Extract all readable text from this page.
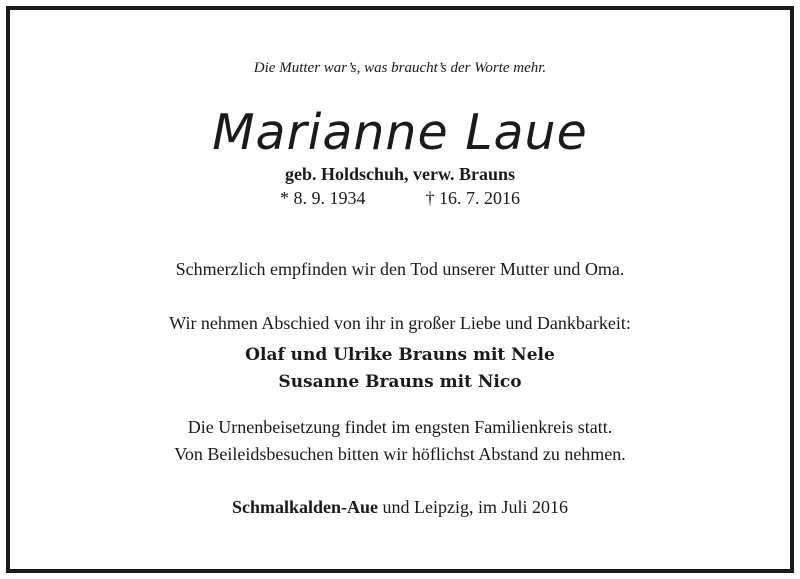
Die Mutter war’s, was braucht’s der Worte mehr.
Marianne Laue
geb. Holdschuh, verw. Brauns
* 8. 9. 1934	† 16. 7. 2016
Schmerzlich empfinden wir den Tod unserer Mutter und Oma.
Wir nehmen Abschied von ihr in großer Liebe und Dankbarkeit:
Olaf und Ulrike Brauns mit Nele
Susanne Brauns mit Nico
Die Urnenbeisetzung findet im engsten Familienkreis statt.
Von Beileidsbesuchen bitten wir höflichst Abstand zu nehmen.
Schmalkalden-Aue und Leipzig, im Juli 2016
